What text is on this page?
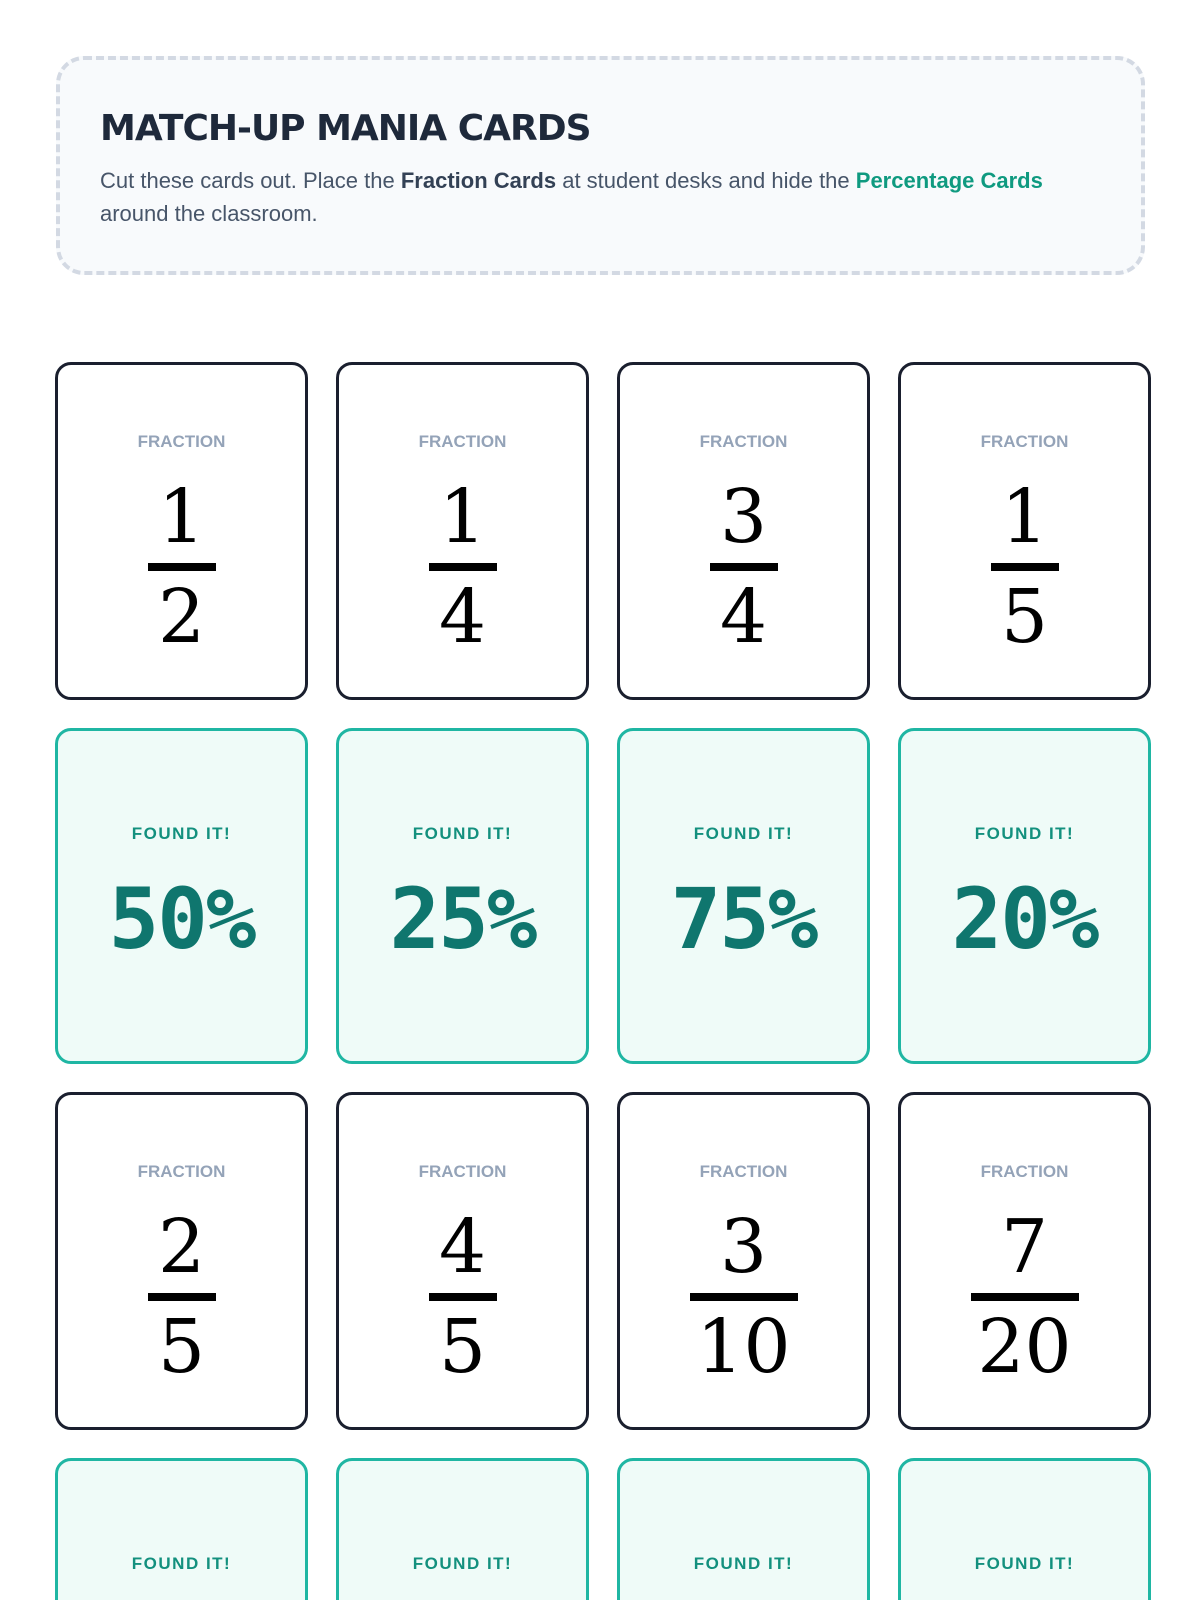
MATCH-UP MANIA CARDS

Cut these cards out. Place the Fraction Cards at student desks and hide the Percentage Cards around the classroom.

FRACTION
1
2
FRACTION
1
4
FRACTION
3
4
FRACTION
1
5
FOUND IT!
50%
FOUND IT!
25%
FOUND IT!
75%
FOUND IT!
20%
FRACTION
2
5
FRACTION
4
5
FRACTION
3
10
FRACTION
7
20
FOUND IT!	FOUND IT!	FOUND IT!	FOUND IT!
